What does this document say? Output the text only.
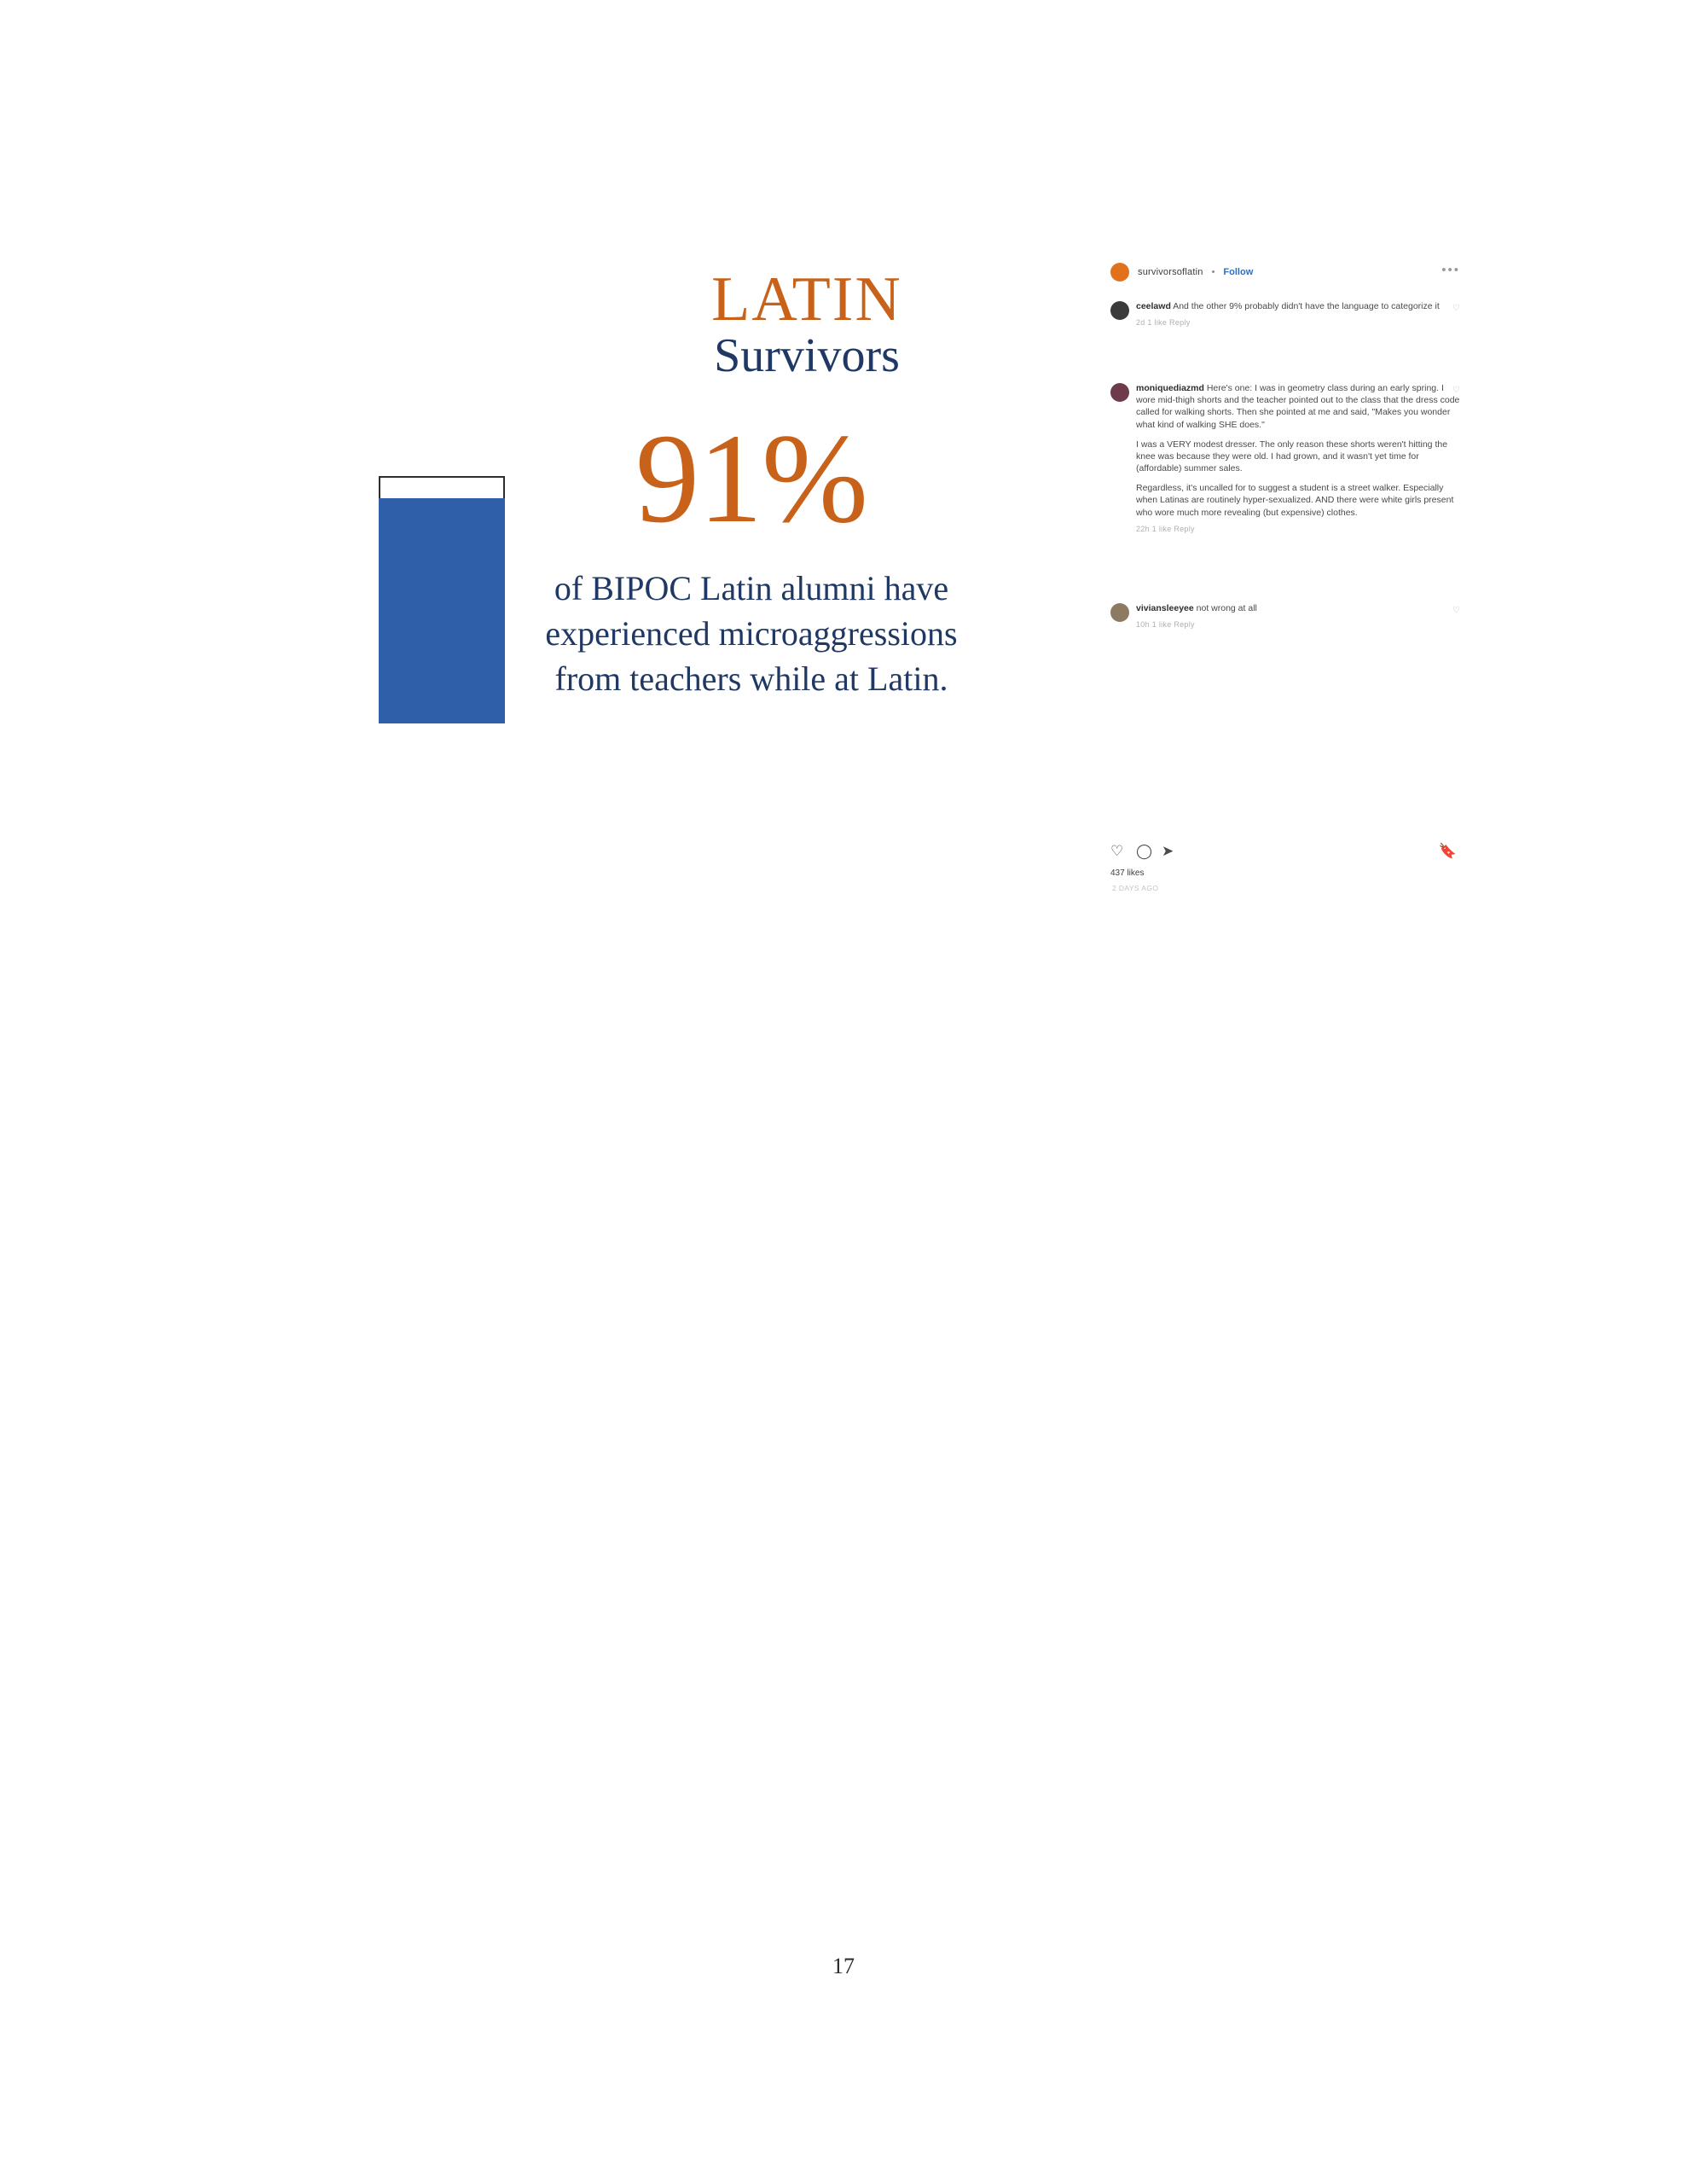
LATIN
Survivors
91%
of BIPOC Latin alumni have experienced microaggressions from teachers while at Latin.
survivorsoflatin • Follow	•••
ceelawd And the other 9% probably didn't have the language to categorize it
2d 1 like Reply
♡
moniquediazmd Here's one: I was in geometry class during an early spring. I wore mid-thigh shorts and the teacher pointed out to the class that the dress code called for walking shorts. Then she pointed at me and said, "Makes you wonder what kind of walking SHE does."
I was a VERY modest dresser. The only reason these shorts weren't hitting the knee was because they were old. I had grown, and it wasn't yet time for (affordable) summer sales.
Regardless, it's uncalled for to suggest a student is a street walker. Especially when Latinas are routinely hyper-sexualized. AND there were white girls present who wore much more revealing (but expensive) clothes.
22h 1 like Reply
♡
viviansleeyee not wrong at all
10h 1 like Reply
♡
♡ ◯ ➤	🔖
437 likes
2 DAYS AGO
17
